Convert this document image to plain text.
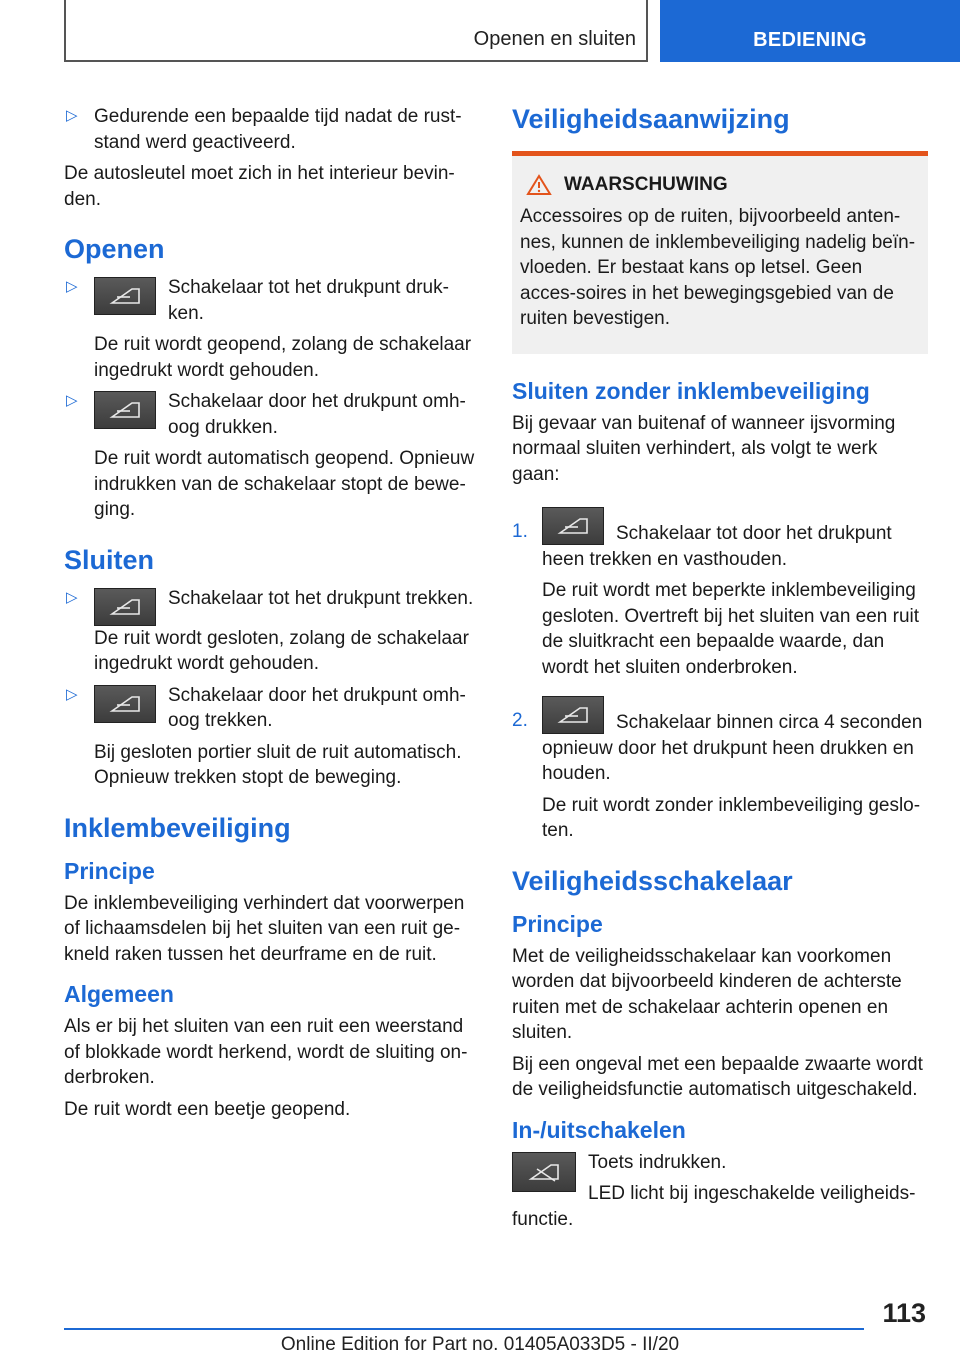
Openen en sluiten	BEDIENING
▷ Gedurende een bepaalde tijd nadat de rust-stand werd geactiveerd.

De autosleutel moet zich in het interieur bevin-den.

Openen
▷	Schakelaar tot het drukpunt druk-ken.

De ruit wordt geopend, zolang de schakelaar ingedrukt wordt gehouden.

▷	Schakelaar door het drukpunt omh-oog drukken.

De ruit wordt automatisch geopend. Opnieuw indrukken van de schakelaar stopt de bewe-ging.

Sluiten
▷	Schakelaar tot het drukpunt trekken.

De ruit wordt gesloten, zolang de schakelaar ingedrukt wordt gehouden.

▷	Schakelaar door het drukpunt omh-oog trekken.

Bij gesloten portier sluit de ruit automatisch. Opnieuw trekken stopt de beweging.

Inklembeveiliging
Principe

De inklembeveiliging verhindert dat voorwerpen of lichaamsdelen bij het sluiten van een ruit ge-kneld raken tussen het deurframe en de ruit.

Algemeen

Als er bij het sluiten van een ruit een weerstand of blokkade wordt herkend, wordt de sluiting on-derbroken.

De ruit wordt een beetje geopend.

Veiligheidsaanwijzing
WAARSCHUWING

Accessoires op de ruiten, bijvoorbeeld anten-nes, kunnen de inklembeveiliging nadelig beïn-vloeden. Er bestaat kans op letsel. Geen acces-soires in het bewegingsgebied van de ruiten bevestigen.

Sluiten zonder inklembeveiliging

Bij gevaar van buitenaf of wanneer ijsvorming normaal sluiten verhindert, als volgt te werk gaan:

1.	Schakelaar tot door het drukpunt heen trekken en vasthouden.

De ruit wordt met beperkte inklembeveiliging gesloten. Overtreft bij het sluiten van een ruit de sluitkracht een bepaalde waarde, dan wordt het sluiten onderbroken.

2.	Schakelaar binnen circa 4 seconden opnieuw door het drukpunt heen drukken en houden.

De ruit wordt zonder inklembeveiliging geslo-ten.

Veiligheidsschakelaar
Principe

Met de veiligheidsschakelaar kan voorkomen worden dat bijvoorbeeld kinderen de achterste ruiten met de schakelaar achterin openen en sluiten.

Bij een ongeval met een bepaalde zwaarte wordt de veiligheidsfunctie automatisch uitgeschakeld.

In-/uitschakelen

Toets indrukken.

LED licht bij ingeschakelde veiligheids-functie.

113
Online Edition for Part no. 01405A033D5 - II/20
